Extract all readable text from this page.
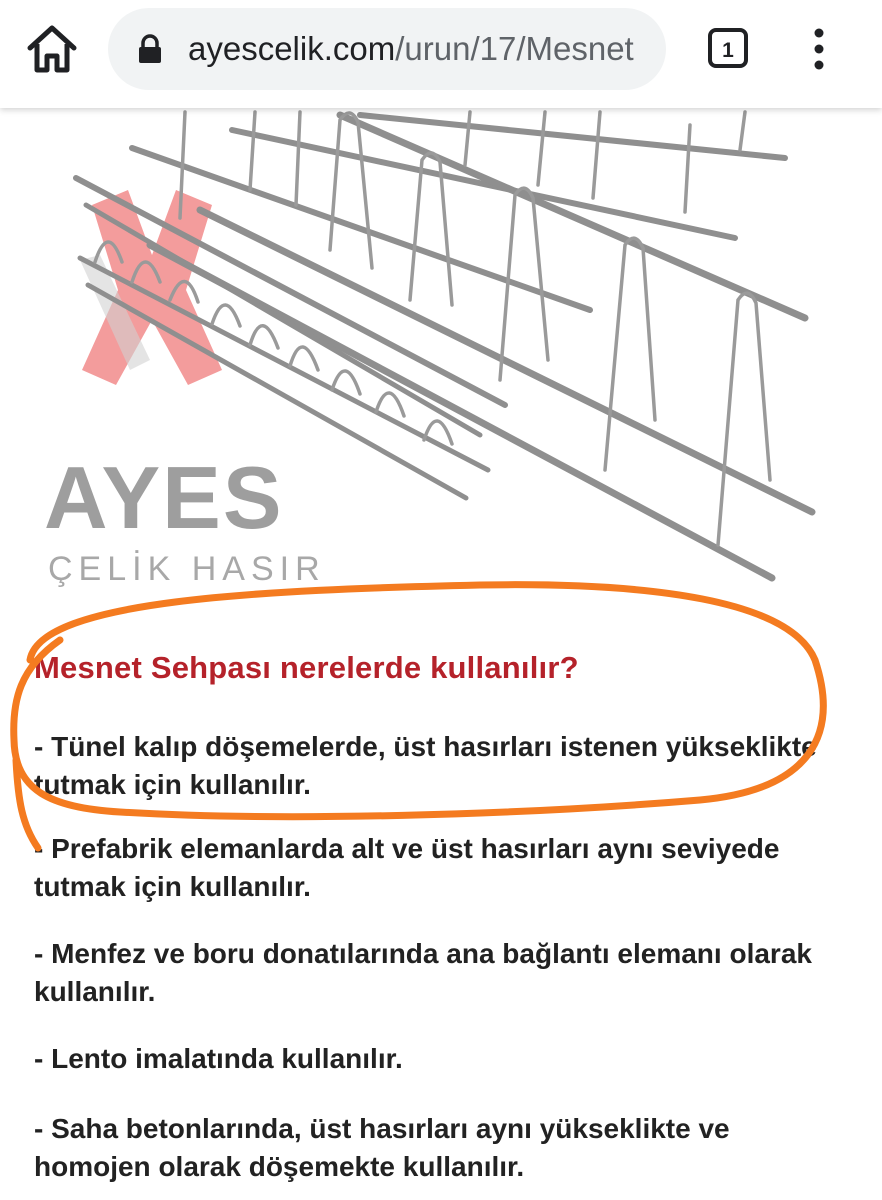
ayescelik.com/urun/17/Mesnet	1
AYES
ÇELİK HASIR
Mesnet Sehpası nerelerde kullanılır?
- Tünel kalıp döşemelerde, üst hasırları istenen yükseklikte tutmak için kullanılır.
- Prefabrik elemanlarda alt ve üst hasırları aynı seviyede tutmak için kullanılır.
- Menfez ve boru donatılarında ana bağlantı elemanı olarak kullanılır.
- Lento imalatında kullanılır.
- Saha betonlarında, üst hasırları aynı yükseklikte ve homojen olarak döşemekte kullanılır.
